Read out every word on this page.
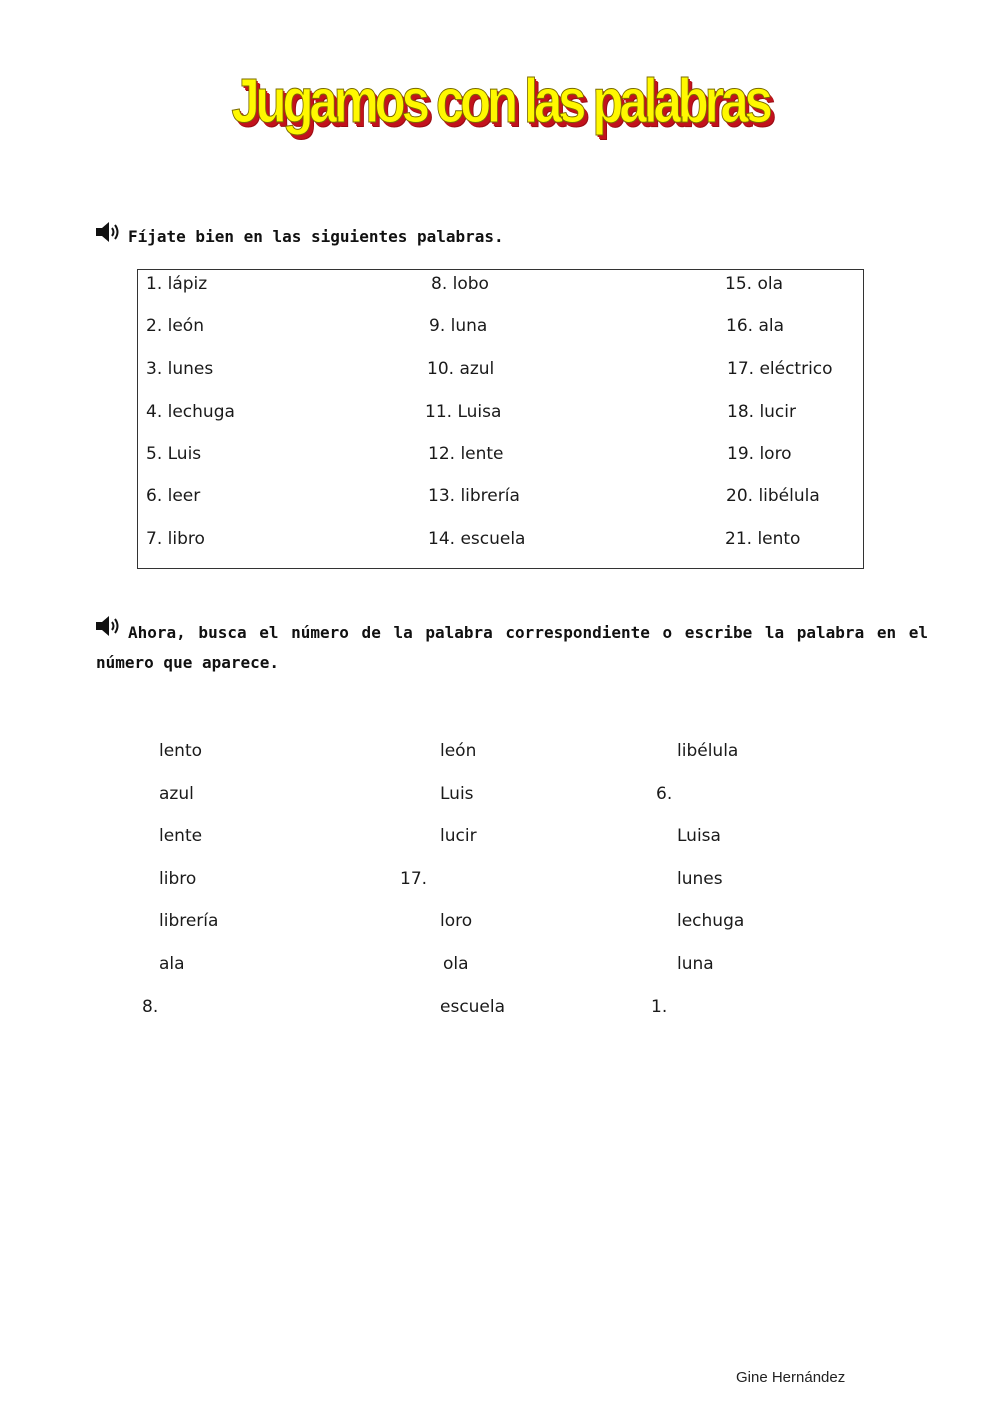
Jugamos con las palabras
Fíjate bien en las siguientes palabras.
1. lápiz
2. león
3. lunes
4. lechuga
5. Luis
6. leer
7. libro
8. lobo
9. luna
10. azul
11. Luisa
12. lente
13. librería
14. escuela
15. ola
16. ala
17. eléctrico
18. lucir
19. loro
20. libélula
21. lento
Ahora, busca el número de la palabra correspondiente o escribe la palabra en el número que aparece.
lento
azul
lente
libro
librería
ala
8.
león
Luis
lucir
17.
loro
ola
escuela
libélula
6.
Luisa
lunes
lechuga
luna
1.
Gine Hernández
